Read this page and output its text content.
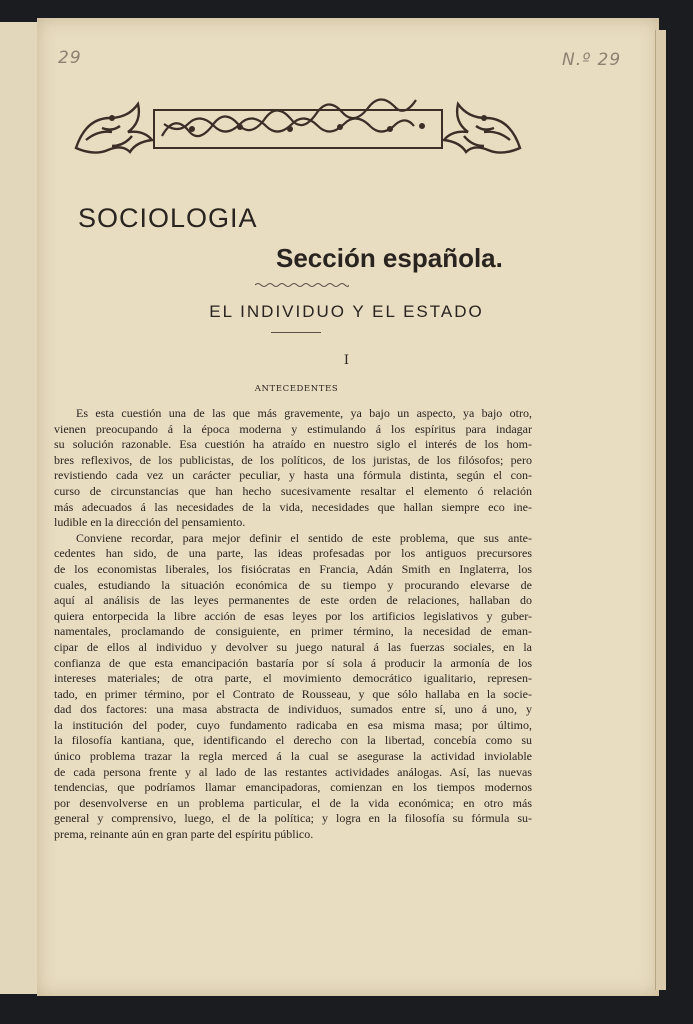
29	N.º 29
SOCIOLOGIA
Sección española.
EL INDIVIDUO Y EL ESTADO
I
ANTECEDENTES
Es esta cuestión una de las que más gravemente, ya bajo un aspecto, ya bajo otro,
vienen preocupando á la época moderna y estimulando á los espíritus para indagar
su solución razonable. Esa cuestión ha atraído en nuestro siglo el interés de los hom-
bres reflexivos, de los publicistas, de los políticos, de los juristas, de los filósofos; pero
revistiendo cada vez un carácter peculiar, y hasta una fórmula distinta, según el con-
curso de circunstancias que han hecho sucesivamente resaltar el elemento ó relación
más adecuados á las necesidades de la vida, necesidades que hallan siempre eco ine-
ludible en la dirección del pensamiento.
Conviene recordar, para mejor definir el sentido de este problema, que sus ante-
cedentes han sido, de una parte, las ideas profesadas por los antiguos precursores
de los economistas liberales, los fisiócratas en Francia, Adán Smith en Inglaterra, los
cuales, estudiando la situación económica de su tiempo y procurando elevarse de
aquí al análisis de las leyes permanentes de este orden de relaciones, hallaban do
quiera entorpecida la libre acción de esas leyes por los artificios legislativos y guber-
namentales, proclamando de consiguiente, en primer término, la necesidad de eman-
cipar de ellos al individuo y devolver su juego natural á las fuerzas sociales, en la
confianza de que esta emancipación bastaría por sí sola á producir la armonía de los
intereses materiales; de otra parte, el movimiento democrático igualitario, represen-
tado, en primer término, por el Contrato de Rousseau, y que sólo hallaba en la socie-
dad dos factores: una masa abstracta de individuos, sumados entre sí, uno á uno, y
la institución del poder, cuyo fundamento radicaba en esa misma masa; por último,
la filosofía kantiana, que, identificando el derecho con la libertad, concebía como su
único problema trazar la regla merced á la cual se asegurase la actividad inviolable
de cada persona frente y al lado de las restantes actividades análogas. Así, las nuevas
tendencias, que podríamos llamar emancipadoras, comienzan en los tiempos modernos
por desenvolverse en un problema particular, el de la vida económica; en otro más
general y comprensivo, luego, el de la política; y logra en la filosofía su fórmula su-
prema, reinante aún en gran parte del espíritu público.
